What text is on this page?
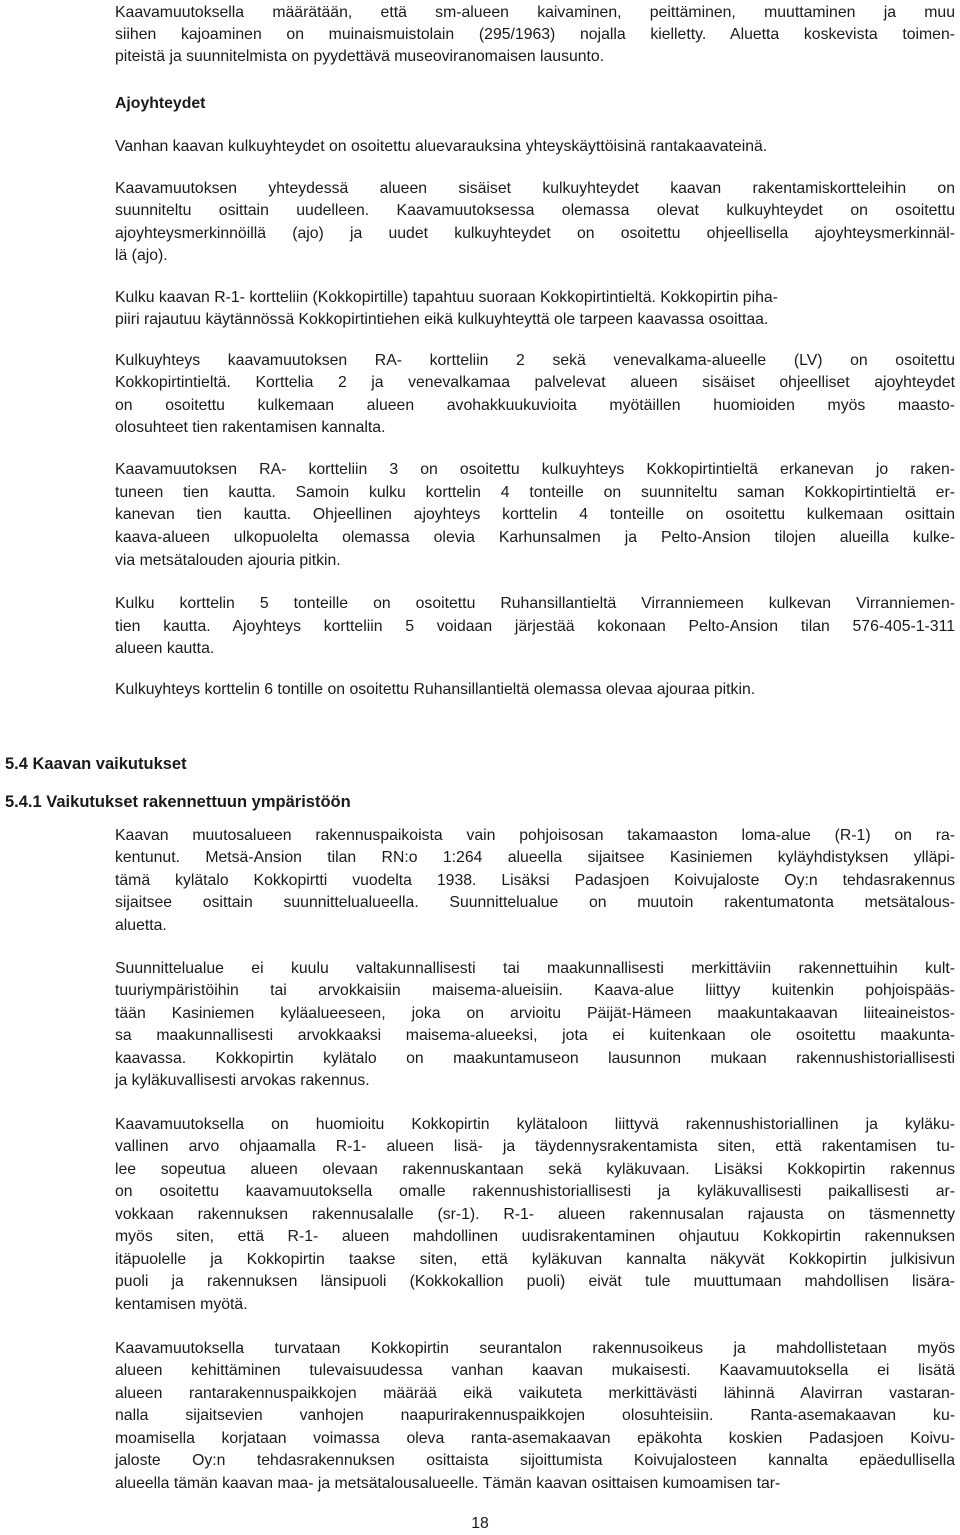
Kaavamuutoksella määrätään, että sm-alueen kaivaminen, peittäminen, muuttaminen ja muu
siihen kajoaminen on muinaismuistolain (295/1963) nojalla kielletty. Aluetta koskevista toimen-
piteistä ja suunnitelmista on pyydettävä museoviranomaisen lausunto.
Ajoyhteydet
Vanhan kaavan kulkuyhteydet on osoitettu aluevarauksina yhteyskäyttöisinä rantakaavateinä.
Kaavamuutoksen yhteydessä alueen sisäiset kulkuyhteydet kaavan rakentamiskortteleihin on
suunniteltu osittain uudelleen. Kaavamuutoksessa olemassa olevat kulkuyhteydet on osoitettu
ajoyhteysmerkinnöillä (ajo) ja uudet kulkuyhteydet on osoitettu ohjeellisella ajoyhteysmerkinnäl-
lä (ajo).
Kulku kaavan R-1- kortteliin (Kokkopirtille) tapahtuu suoraan Kokkopirtintieltä. Kokkopirtin piha-
piiri rajautuu käytännössä Kokkopirtintiehen eikä kulkuyhteyttä ole tarpeen kaavassa osoittaa.
Kulkuyhteys kaavamuutoksen RA- kortteliin 2 sekä venevalkama-alueelle (LV) on osoitettu
Kokkopirtintieltä. Korttelia 2 ja venevalkamaa palvelevat alueen sisäiset ohjeelliset ajoyhteydet
on osoitettu kulkemaan alueen avohakkuukuvioita myötäillen huomioiden myös maasto-
olosuhteet tien rakentamisen kannalta.
Kaavamuutoksen RA- kortteliin 3 on osoitettu kulkuyhteys Kokkopirtintieltä erkanevan jo raken-
tuneen tien kautta. Samoin kulku korttelin 4 tonteille on suunniteltu saman Kokkopirtintieltä er-
kanevan tien kautta. Ohjeellinen ajoyhteys korttelin 4 tonteille on osoitettu kulkemaan osittain
kaava-alueen ulkopuolelta olemassa olevia Karhunsalmen ja Pelto-Ansion tilojen alueilla kulke-
via metsätalouden ajouria pitkin.
Kulku korttelin 5 tonteille on osoitettu Ruhansillantieltä Virranniemeen kulkevan Virranniemen-
tien kautta. Ajoyhteys kortteliin 5 voidaan järjestää kokonaan Pelto-Ansion tilan 576-405-1-311
alueen kautta.
Kulkuyhteys korttelin 6 tontille on osoitettu Ruhansillantieltä olemassa olevaa ajouraa pitkin.
5.4 Kaavan vaikutukset
5.4.1 Vaikutukset rakennettuun ympäristöön
Kaavan muutosalueen rakennuspaikoista vain pohjoisosan takamaaston loma-alue (R-1) on ra-
kentunut. Metsä-Ansion tilan RN:o 1:264 alueella sijaitsee Kasiniemen kyläyhdistyksen ylläpi-
tämä kylätalo Kokkopirtti vuodelta 1938. Lisäksi Padasjoen Koivujaloste Oy:n tehdasrakennus
sijaitsee osittain suunnittelualueella. Suunnittelualue on muutoin rakentumatonta metsätalous-
aluetta.
Suunnittelualue ei kuulu valtakunnallisesti tai maakunnallisesti merkittäviin rakennettuihin kult-
tuuriympäristöihin tai arvokkaisiin maisema-alueisiin. Kaava-alue liittyy kuitenkin pohjoispääs-
tään Kasiniemen kyläalueeseen, joka on arvioitu Päijät-Hämeen maakuntakaavan liiteaineistos-
sa maakunnallisesti arvokkaaksi maisema-alueeksi, jota ei kuitenkaan ole osoitettu maakunta-
kaavassa. Kokkopirtin kylätalo on maakuntamuseon lausunnon mukaan rakennushistoriallisesti
ja kyläkuvallisesti arvokas rakennus.
Kaavamuutoksella on huomioitu Kokkopirtin kylätaloon liittyvä rakennushistoriallinen ja kyläku-
vallinen arvo ohjaamalla R-1- alueen lisä- ja täydennysrakentamista siten, että rakentamisen tu-
lee sopeutua alueen olevaan rakennuskantaan sekä kyläkuvaan. Lisäksi Kokkopirtin rakennus
on osoitettu kaavamuutoksella omalle rakennushistoriallisesti ja kyläkuvallisesti paikallisesti ar-
vokkaan rakennuksen rakennusalalle (sr-1). R-1- alueen rakennusalan rajausta on täsmennetty
myös siten, että R-1- alueen mahdollinen uudisrakentaminen ohjautuu Kokkopirtin rakennuksen
itäpuolelle ja Kokkopirtin taakse siten, että kyläkuvan kannalta näkyvät Kokkopirtin julkisivun
puoli ja rakennuksen länsipuoli (Kokkokallion puoli) eivät tule muuttumaan mahdollisen lisära-
kentamisen myötä.
Kaavamuutoksella turvataan Kokkopirtin seurantalon rakennusoikeus ja mahdollistetaan myös
alueen kehittäminen tulevaisuudessa vanhan kaavan mukaisesti. Kaavamuutoksella ei lisätä
alueen rantarakennuspaikkojen määrää eikä vaikuteta merkittävästi lähinnä Alavirran vastaran-
nalla sijaitsevien vanhojen naapurirakennuspaikkojen olosuhteisiin. Ranta-asemakaavan ku-
moamisella korjataan voimassa oleva ranta-asemakaavan epäkohta koskien Padasjoen Koivu-
jaloste Oy:n tehdasrakennuksen osittaista sijoittumista Koivujalosteen kannalta epäedullisella
alueella tämän kaavan maa- ja metsätalousalueelle. Tämän kaavan osittaisen kumoamisen tar-
18
